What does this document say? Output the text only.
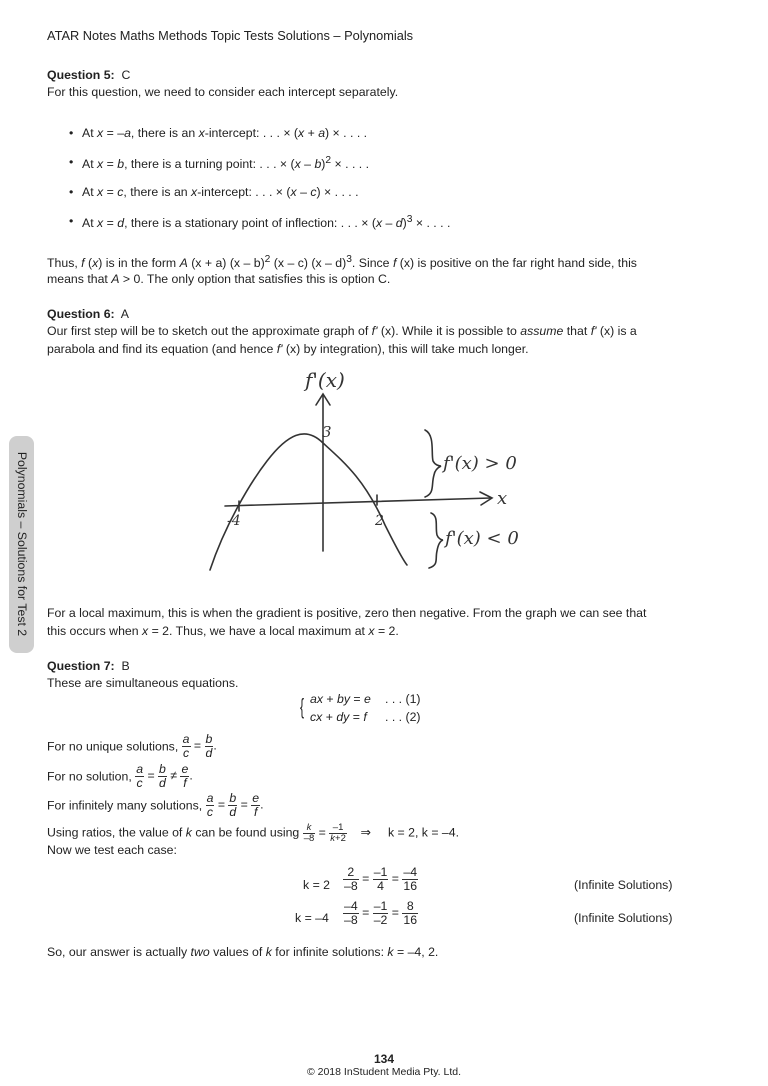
ATAR Notes Maths Methods Topic Tests Solutions – Polynomials
Polynomials – Solutions for Test 2
Question 5: C
For this question, we need to consider each intercept separately.
• At x = –a, there is an x-intercept: . . . × (x + a) × . . . .
• At x = b, there is a turning point: . . . × (x – b)$^2$ × . . . .
• At x = c, there is an x-intercept: . . . × (x – c) × . . . .
• At x = d, there is a stationary point of inflection: . . . × (x – d)$^3$ × . . . .
Thus, f (x) is in the form A (x + a) (x – b)$^2$ (x – c) (x – d)$^3$. Since f (x) is positive on the far right hand side, this
means that A > 0. The only option that satisfies this is option C.
Question 6: A
Our first step will be to sketch out the approximate graph of f' (x). While it is possible to assume that f' (x) is a
parabola and find its equation (and hence f' (x) by integration), this will take much longer.
f'(x)
x
3
-4	2
f'(x) > 0
f'(x) < 0
For a local maximum, this is when the gradient is positive, zero then negative. From the graph we can see that
this occurs when x = 2. Thus, we have a local maximum at x = 2.
Question 7: B
These are simultaneous equations.
{ ax + by = e . . . (1)
cx + dy = f . . . (2)
For no unique solutions, $\frac{a}{c} = \frac{b}{d}$ .
For no solution, $\frac{a}{c} = \frac{b}{d} \ne \frac{e}{f}$ .
For infinitely many solutions, $\frac{a}{c} = \frac{b}{d} = \frac{e}{f}$ .
Using ratios, the value of k can be found using $\frac{k}{-8} = \frac{-1}{k+2}$ ⇒     k = 2, k = –4.
Now we test each case:
$k = 2 \frac{2}{-8} = \frac{-1}{4} = \frac{-4}{16}$	(Infinite Solutions)
$k = -4 \frac{-4}{-8} = \frac{-1}{-2} = \frac{8}{16}$	(Infinite Solutions)
So, our answer is actually two values of k for infinite solutions: k = –4, 2.
134
© 2018 InStudent Media Pty. Ltd.
